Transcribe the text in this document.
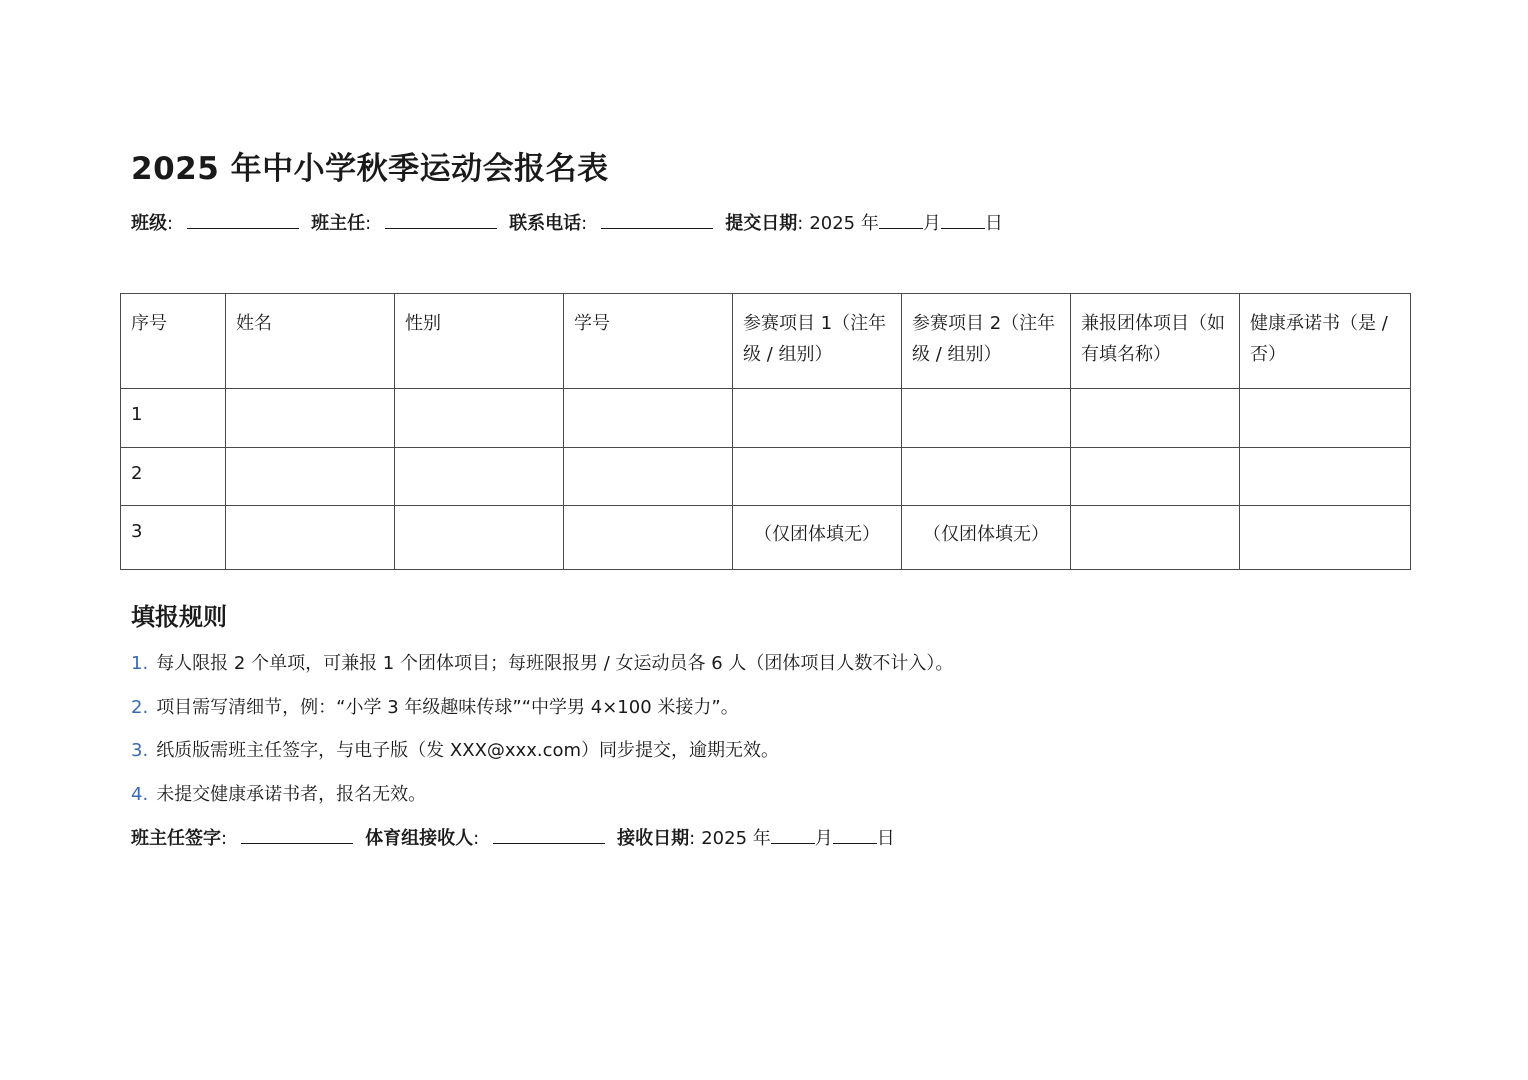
2025 年中小学秋季运动会报名表
班级 :	班主任 :	联系电话 :	提交日期 : 2025 年 月 日
序号	姓名	性别	学号	参赛项目 1（注年级 / 组别）	参赛项目 2（注年级 / 组别）	兼报团体项目（如有填名称）	健康承诺书（是 / 否）
1							
2							
3				（仅团体填无）	（仅团体填无）		
填报规则
1. 每人限报 2 个单项，可兼报 1 个团体项目；每班限报男 / 女运动员各 6 人（团体项目人数不计入）。
2. 项目需写清细节，例：“小学 3 年级趣味传球”“中学男 4×100 米接力”。
3. 纸质版需班主任签字，与电子版（发 XXX@xxx.com）同步提交，逾期无效。
4. 未提交健康承诺书者，报名无效。
班主任签字 :	体育组接收人 :	接收日期 : 2025 年 月 日
